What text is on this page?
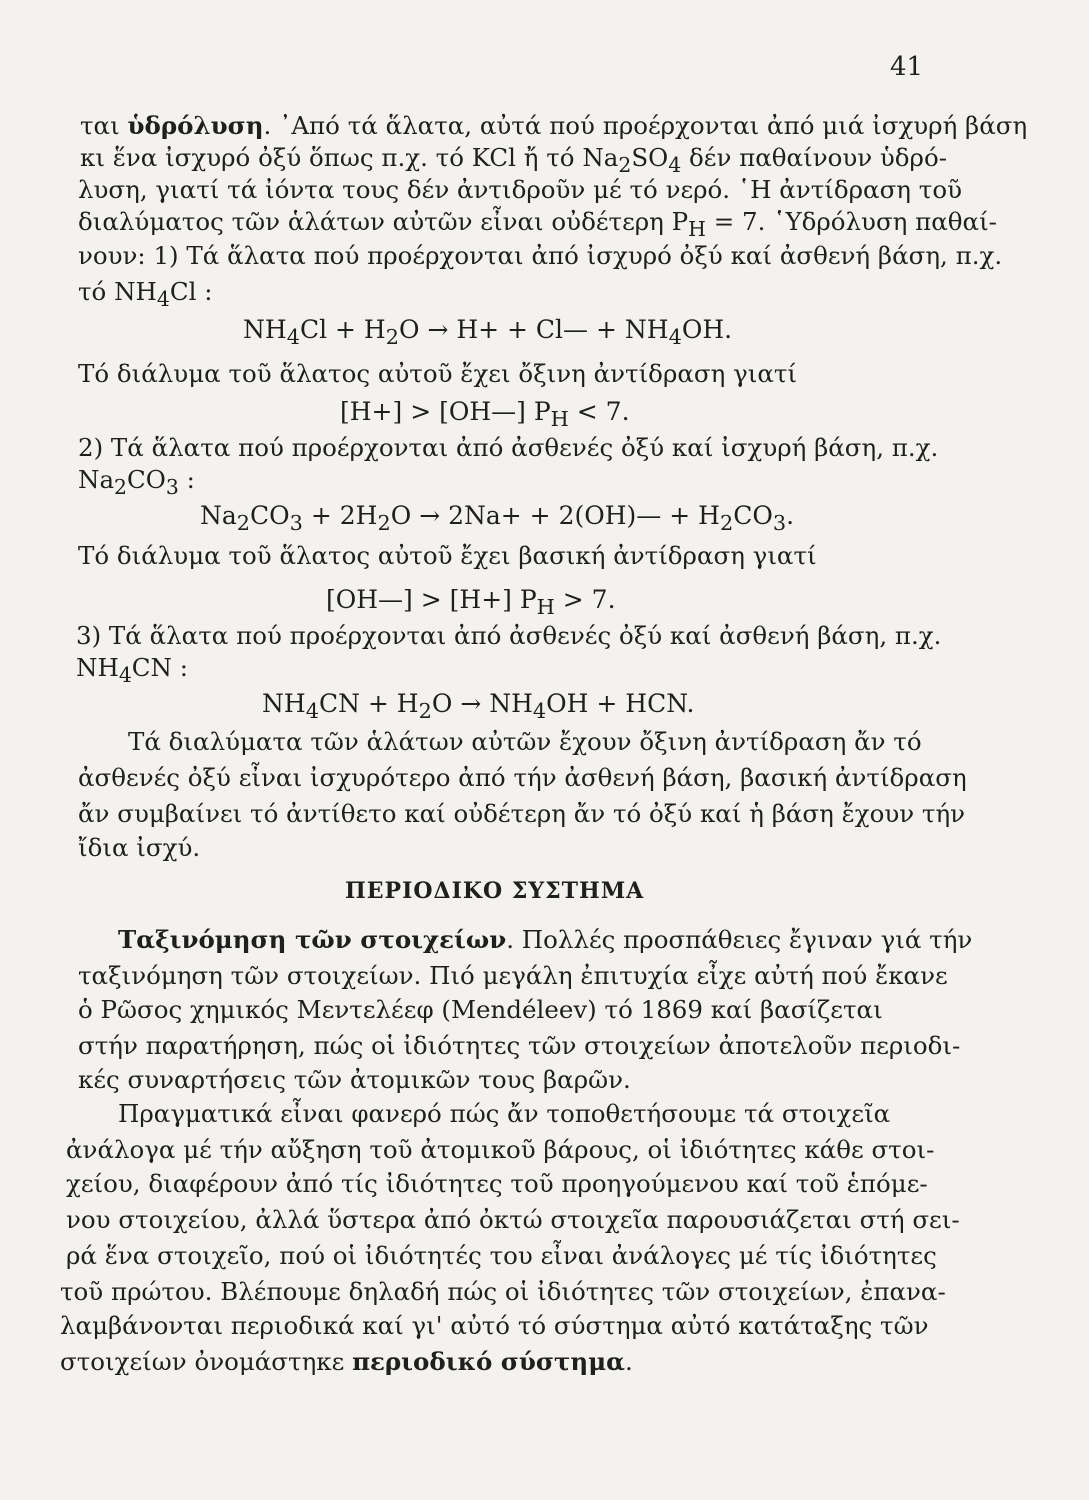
41
ται ὑδρόλυση. ᾿Από τά ἅλατα, αὐτά πού προέρχονται ἀπό μιά ἰσχυρή βάση
κι ἕνα ἰσχυρό ὀξύ ὅπως π.χ. τό KCl ἤ τό $Na_2SO_4$ δέν παθαίνουν ὑδρό-
λυση, γιατί τά ἰόντα τους δέν ἀντιδροῦν μέ τό νερό. ῾Η ἀντίδραση τοῦ
διαλύματος τῶν ἁλάτων αὐτῶν εἶναι οὐδέτερη $P_H = 7$. ῾Υδρόλυση παθαί-
νουν: 1) Τά ἅλατα πού προέρχονται ἀπό ἰσχυρό ὀξύ καί ἀσθενή βάση, π.χ.
τό $NH_4Cl$ :
$NH_4Cl + H_2O \to H+$ + Cl— + $NH_4OH$.
Τό διάλυμα τοῦ ἅλατος αὐτοῦ ἔχει ὄξινη ἀντίδραση γιατί
[H+] > [OH—] $P_H < 7$.
2) Τά ἅλατα πού προέρχονται ἀπό ἀσθενές ὀξύ καί ἰσχυρή βάση, π.χ.
$Na_2CO_3$ :
$Na_2CO_3 + 2H_2O \to 2Na+$ + 2(OH)— + $H_2CO_3$.
Τό διάλυμα τοῦ ἅλατος αὐτοῦ ἔχει βασική ἀντίδραση γιατί
[OH—] > [H+] $P_H > 7$.
3) Τά ἅλατα πού προέρχονται ἀπό ἀσθενές ὀξύ καί ἀσθενή βάση, π.χ.
$NH_4CN$ :
$NH_4CN + H_2O \to NH_4OH$ + HCN.
Τά διαλύματα τῶν ἁλάτων αὐτῶν ἔχουν ὄξινη ἀντίδραση ἄν τό
ἀσθενές ὀξύ εἶναι ἰσχυρότερο ἀπό τήν ἀσθενή βάση, βασική ἀντίδραση
ἄν συμβαίνει τό ἀντίθετο καί οὐδέτερη ἄν τό ὀξύ καί ἡ βάση ἔχουν τήν
ἴδια ἰσχύ.
ΠΕΡΙΟΔΙΚΟ ΣΥΣΤΗΜΑ
Ταξινόμηση τῶν στοιχείων. Πολλές προσπάθειες ἔγιναν γιά τήν
ταξινόμηση τῶν στοιχείων. Πιό μεγάλη ἐπιτυχία εἶχε αὐτή πού ἔκανε
ὁ Ρῶσος χημικός Μεντελέεφ (Mendéleev) τό 1869 καί βασίζεται
στήν παρατήρηση, πώς οἱ ἰδιότητες τῶν στοιχείων ἀποτελοῦν περιοδι-
κές συναρτήσεις τῶν ἀτομικῶν τους βαρῶν.
Πραγματικά εἶναι φανερό πώς ἄν τοποθετήσουμε τά στοιχεῖα
ἀνάλογα μέ τήν αὔξηση τοῦ ἀτομικοῦ βάρους, οἱ ἰδιότητες κάθε στοι-
χείου, διαφέρουν ἀπό τίς ἰδιότητες τοῦ προηγούμενου καί τοῦ ἑπόμε-
νου στοιχείου, ἀλλά ὕστερα ἀπό ὀκτώ στοιχεῖα παρουσιάζεται στή σει-
ρά ἕνα στοιχεῖο, πού οἱ ἰδιότητές του εἶναι ἀνάλογες μέ τίς ἰδιότητες
τοῦ πρώτου. Βλέπουμε δηλαδή πώς οἱ ἰδιότητες τῶν στοιχείων, ἐπανα-
λαμβάνονται περιοδικά καί γι' αὐτό τό σύστημα αὐτό κατάταξης τῶν
στοιχείων ὀνομάστηκε περιοδικό σύστημα.
